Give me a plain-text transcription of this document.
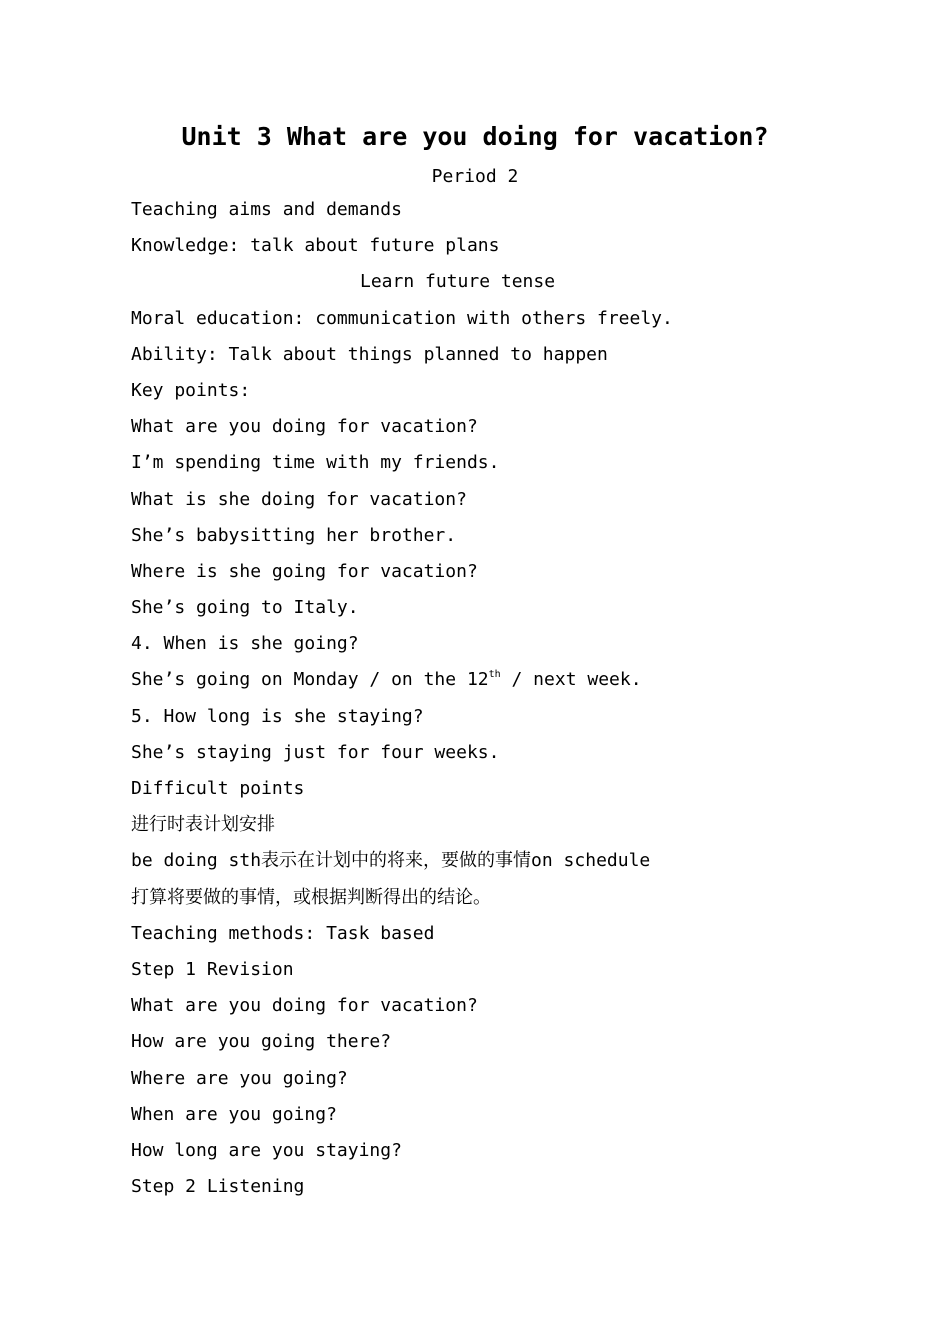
Unit 3 What are you doing for vacation?
Period 2
Teaching aims and demands
Knowledge: talk about future plans
Learn future tense
Moral education: communication with others freely.
Ability: Talk about things planned to happen
Key points:
What are you doing for vacation?
I’m spending time with my friends.
What is she doing for vacation?
She’s babysitting her brother.
Where is she going for vacation?
She’s going to Italy.
4. When is she going?
She’s going on Monday / on the 12th / next week.
5. How long is she staying?
She’s staying just for four weeks.
Difficult points
进行时表计划安排
be doing sth表示在计划中的将来，要做的事情on schedule
打算将要做的事情，或根据判断得出的结论。
Teaching methods: Task based
Step 1 Revision
What are you doing for vacation?
How are you going there?
Where are you going?
When are you going?
How long are you staying?
Step 2 Listening
